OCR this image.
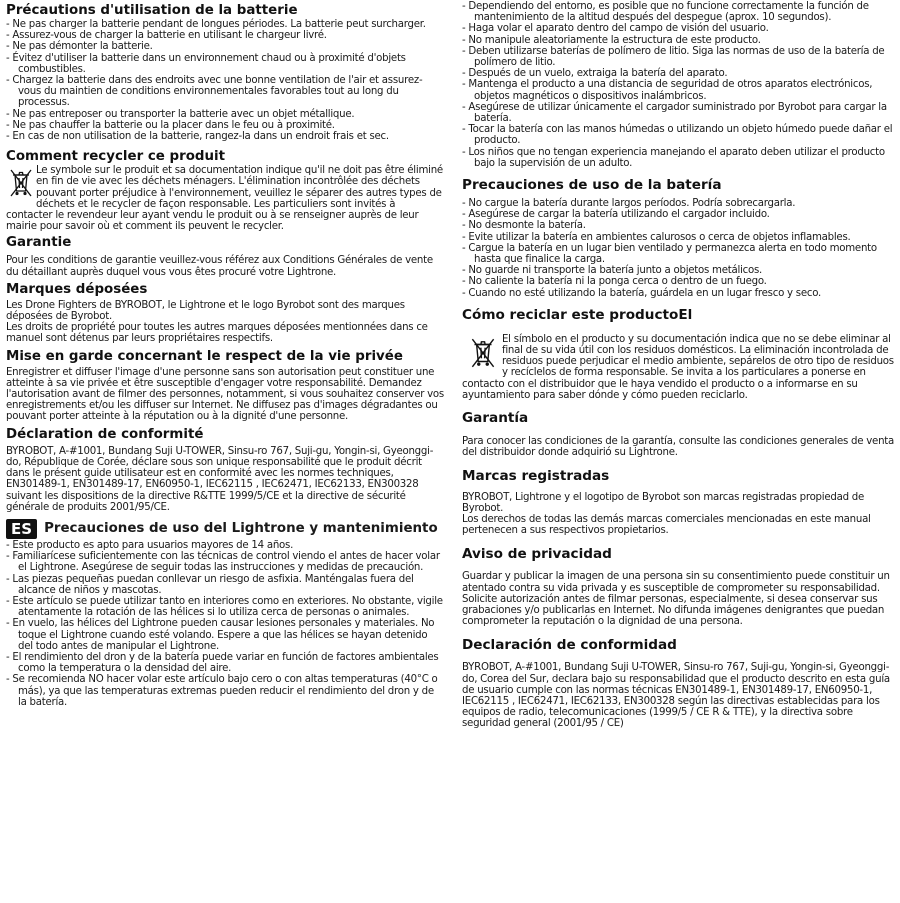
Précautions d'utilisation de la batterie
- Ne pas charger la batterie pendant de longues périodes. La batterie peut surcharger.
- Assurez-vous de charger la batterie en utilisant le chargeur livré.
- Ne pas démonter la batterie.
- Évitez d'utiliser la batterie dans un environnement chaud ou à proximité d'objets combustibles.
- Chargez la batterie dans des endroits avec une bonne ventilation de l'air et assurez-vous du maintien de conditions environnementales favorables tout au long du processus.
- Ne pas entreposer ou transporter la batterie avec un objet métallique.
- Ne pas chauffer la batterie ou la placer dans le feu ou à proximité.
- En cas de non utilisation de la batterie, rangez-la dans un endroit frais et sec.
Comment recycler ce produit

Le symbole sur le produit et sa documentation indique qu'il ne doit pas être éliminé en fin de vie avec les déchets ménagers. L'élimination incontrôlée des déchets pouvant porter préjudice à l'environnement, veuillez le séparer des autres types de déchets et le recycler de façon responsable. Les particuliers sont invités à contacter le revendeur leur ayant vendu le produit ou à se renseigner auprès de leur mairie pour savoir où et comment ils peuvent le recycler.

Garantie

Pour les conditions de garantie veuillez-vous référez aux Conditions Générales de vente du détaillant auprès duquel vous vous êtes procuré votre Lightrone.

Marques déposées

Les Drone Fighters de BYROBOT, le Lightrone et le logo Byrobot sont des marques déposées de Byrobot.

Les droits de propriété pour toutes les autres marques déposées mentionnées dans ce manuel sont détenus par leurs propriétaires respectifs.

Mise en garde concernant le respect de la vie privée

Enregistrer et diffuser l'image d'une personne sans son autorisation peut constituer une atteinte à sa vie privée et être susceptible d'engager votre responsabilité. Demandez l'autorisation avant de filmer des personnes, notamment, si vous souhaitez conserver vos enregistrements et/ou les diffuser sur Internet. Ne diffusez pas d'images dégradantes ou pouvant porter atteinte à la réputation ou à la dignité d'une personne.

Déclaration de conformité

BYROBOT, A-#1001, Bundang Suji U-TOWER, Sinsu-ro 767, Suji-gu, Yongin-si, Gyeonggi-do, République de Corée, déclare sous son unique responsabilité que le produit décrit dans le présent guide utilisateur est en conformité avec les normes techniques, EN301489-1, EN301489-17, EN60950-1, IEC62115 , IEC62471, IEC62133, EN300328 suivant les dispositions de la directive R&TTE 1999/5/CE et la directive de sécurité générale de produits 2001/95/CE.

ES Precauciones de uso del Lightrone y mantenimiento
- Este producto es apto para usuarios mayores de 14 años.
- Familiarícese suficientemente con las técnicas de control viendo el antes de hacer volar el Lightrone. Asegúrese de seguir todas las instrucciones y medidas de precaución.
- Las piezas pequeñas puedan conllevar un riesgo de asfixia. Manténgalas fuera del alcance de niños y mascotas.
- Este artículo se puede utilizar tanto en interiores como en exteriores. No obstante, vigile atentamente la rotación de las hélices si lo utiliza cerca de personas o animales.
- En vuelo, las hélices del Lightrone pueden causar lesiones personales y materiales. No toque el Lightrone cuando esté volando. Espere a que las hélices se hayan detenido del todo antes de manipular el Lightrone.
- El rendimiento del dron y de la batería puede variar en función de factores ambientales como la temperatura o la densidad del aire.
- Se recomienda NO hacer volar este artículo bajo cero o con altas temperaturas (40°C o más), ya que las temperaturas extremas pueden reducir el rendimiento del dron y de la batería.
- Dependiendo del entorno, es posible que no funcione correctamente la función de mantenimiento de la altitud después del despegue (aprox. 10 segundos).
- Haga volar el aparato dentro del campo de visión del usuario.
- No manipule aleatoriamente la estructura de este producto.
- Deben utilizarse baterías de polímero de litio. Siga las normas de uso de la batería de polímero de litio.
- Después de un vuelo, extraiga la batería del aparato.
- Mantenga el producto a una distancia de seguridad de otros aparatos electrónicos, objetos magnéticos o dispositivos inalámbricos.
- Asegúrese de utilizar únicamente el cargador suministrado por Byrobot para cargar la batería.
- Tocar la batería con las manos húmedas o utilizando un objeto húmedo puede dañar el producto.
- Los niños que no tengan experiencia manejando el aparato deben utilizar el producto bajo la supervisión de un adulto.
Precauciones de uso de la batería
- No cargue la batería durante largos períodos. Podría sobrecargarla.
- Asegúrese de cargar la batería utilizando el cargador incluido.
- No desmonte la batería.
- Evite utilizar la batería en ambientes calurosos o cerca de objetos inflamables.
- Cargue la batería en un lugar bien ventilado y permanezca alerta en todo momento hasta que finalice la carga.
- No guarde ni transporte la batería junto a objetos metálicos.
- No caliente la batería ni la ponga cerca o dentro de un fuego.
- Cuando no esté utilizando la batería, guárdela en un lugar fresco y seco.
Cómo reciclar este productoEl

El símbolo en el producto y su documentación indica que no se debe eliminar al final de su vida útil con los residuos domésticos. La eliminación incontrolada de residuos puede perjudicar el medio ambiente, sepárelos de otro tipo de residuos y recíclelos de forma responsable. Se invita a los particulares a ponerse en contacto con el distribuidor que le haya vendido el producto o a informarse en su ayuntamiento para saber dónde y cómo pueden reciclarlo.

Garantía

Para conocer las condiciones de la garantía, consulte las condiciones generales de venta del distribuidor donde adquirió su Lightrone.

Marcas registradas

BYROBOT, Lightrone y el logotipo de Byrobot son marcas registradas propiedad de Byrobot.

Los derechos de todas las demás marcas comerciales mencionadas en este manual pertenecen a sus respectivos propietarios.

Aviso de privacidad

Guardar y publicar la imagen de una persona sin su consentimiento puede constituir un atentado contra su vida privada y es susceptible de comprometer su responsabilidad. Solicite autorización antes de filmar personas, especialmente, si desea conservar sus grabaciones y/o publicarlas en Internet. No difunda imágenes denigrantes que puedan comprometer la reputación o la dignidad de una persona.

Declaración de conformidad

BYROBOT, A-#1001, Bundang Suji U-TOWER, Sinsu-ro 767, Suji-gu, Yongin-si, Gyeonggi-do, Corea del Sur, declara bajo su responsabilidad que el producto descrito en esta guía de usuario cumple con las normas técnicas EN301489-1, EN301489-17, EN60950-1, IEC62115 , IEC62471, IEC62133, EN300328 según las directivas establecidas para los equipos de radio, telecomunicaciones (1999/5 / CE R & TTE), y la directiva sobre seguridad general (2001/95 / CE)
